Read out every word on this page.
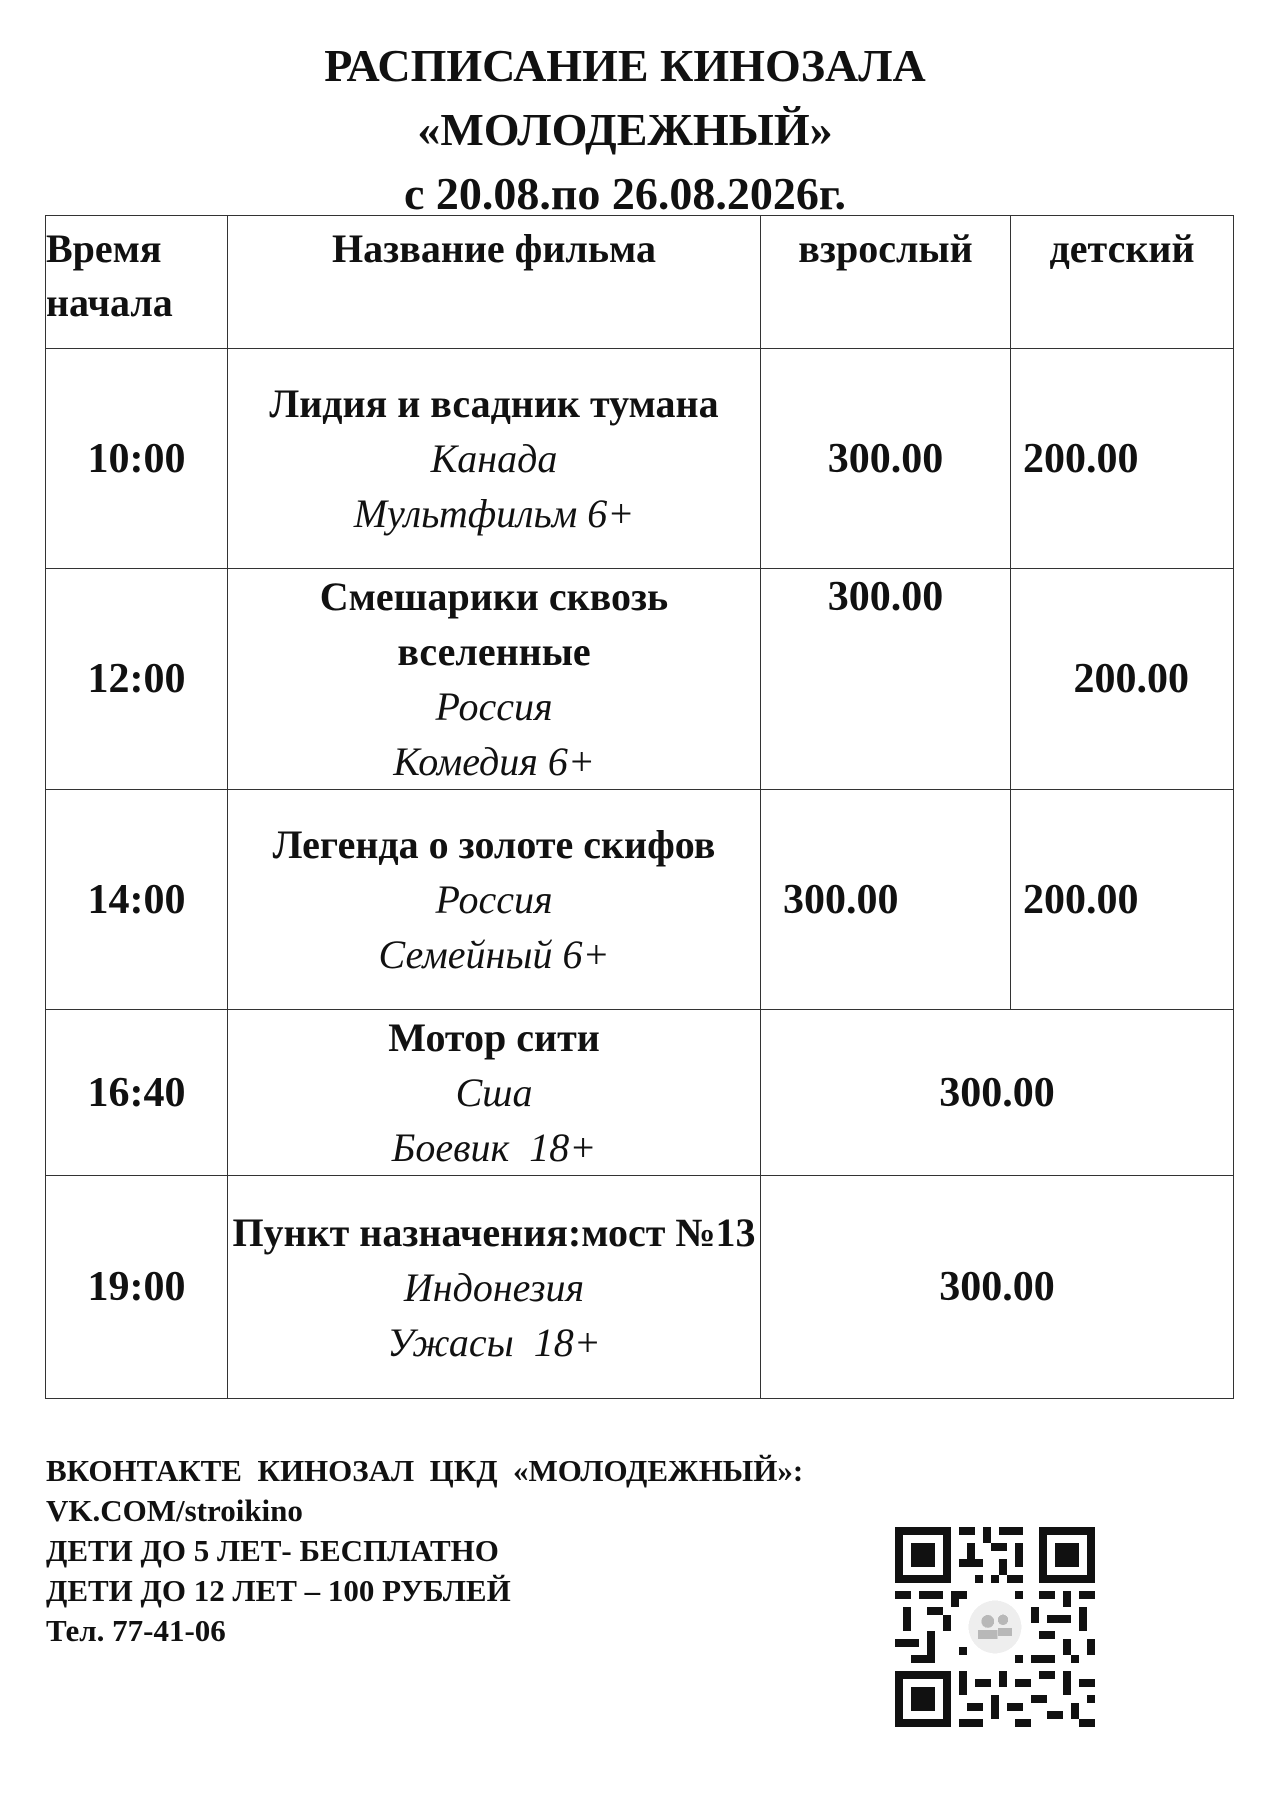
РАСПИСАНИЕ КИНОЗАЛА
«МОЛОДЕЖНЫЙ»
с 20.08.по 26.08.2026г.
Время начала	Название фильма	взрослый	детский
10:00	Лидия и всадник тумана
Канада
Мультфильм 6+	300.00	200.00
12:00	Смешарики сквозь вселенные
Россия
Комедия 6+	300.00	200.00
14:00	Легенда о золоте скифов
Россия
Семейный 6+	300.00	200.00
16:40	Мотор сити
Сша
Боевик  18+	300.00	
19:00	Пункт назначения:мост №13
Индонезия
Ужасы  18+	300.00	
ВКОНТАКТЕ  КИНОЗАЛ  ЦКД  «МОЛОДЕЖНЫЙ»:
VK.COM/stroikino
ДЕТИ ДО 5 ЛЕТ- БЕСПЛАТНО
ДЕТИ ДО 12 ЛЕТ – 100 РУБЛЕЙ
Тел. 77-41-06
